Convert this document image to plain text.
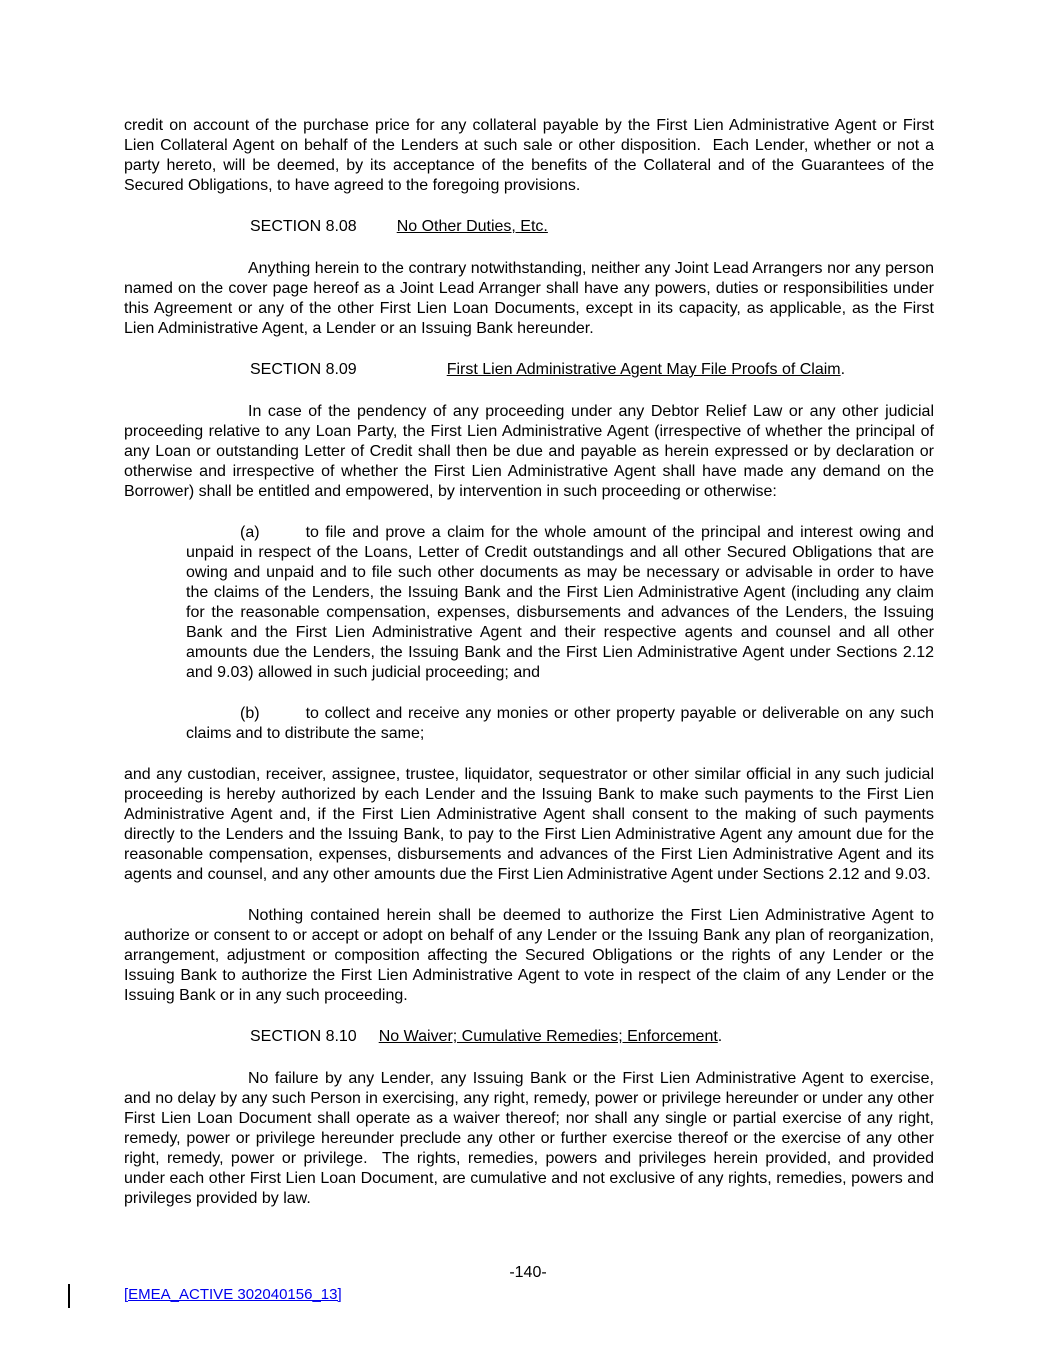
credit on account of the purchase price for any collateral payable by the First Lien Administrative Agent or First Lien Collateral Agent on behalf of the Lenders at such sale or other disposition.  Each Lender, whether or not a party hereto, will be deemed, by its acceptance of the benefits of the Collateral and of the Guarantees of the Secured Obligations, to have agreed to the foregoing provisions.

SECTION 8.08	No Other Duties, Etc.

Anything herein to the contrary notwithstanding, neither any Joint Lead Arrangers nor any person named on the cover page hereof as a Joint Lead Arranger shall have any powers, duties or responsibilities under this Agreement or any of the other First Lien Loan Documents, except in its capacity, as applicable, as the First Lien Administrative Agent, a Lender or an Issuing Bank hereunder.

SECTION 8.09	First Lien Administrative Agent May File Proofs of Claim.

In case of the pendency of any proceeding under any Debtor Relief Law or any other judicial proceeding relative to any Loan Party, the First Lien Administrative Agent (irrespective of whether the principal of any Loan or outstanding Letter of Credit shall then be due and payable as herein expressed or by declaration or otherwise and irrespective of whether the First Lien Administrative Agent shall have made any demand on the Borrower) shall be entitled and empowered, by intervention in such proceeding or otherwise:

(a)	to file and prove a claim for the whole amount of the principal and interest owing and unpaid in respect of the Loans, Letter of Credit outstandings and all other Secured Obligations that are owing and unpaid and to file such other documents as may be necessary or advisable in order to have the claims of the Lenders, the Issuing Bank and the First Lien Administrative Agent (including any claim for the reasonable compensation, expenses, disbursements and advances of the Lenders, the Issuing Bank and the First Lien Administrative Agent and their respective agents and counsel and all other amounts due the Lenders, the Issuing Bank and the First Lien Administrative Agent under Sections 2.12 and 9.03) allowed in such judicial proceeding; and

(b)	to collect and receive any monies or other property payable or deliverable on any such claims and to distribute the same;

and any custodian, receiver, assignee, trustee, liquidator, sequestrator or other similar official in any such judicial proceeding is hereby authorized by each Lender and the Issuing Bank to make such payments to the First Lien Administrative Agent and, if the First Lien Administrative Agent shall consent to the making of such payments directly to the Lenders and the Issuing Bank, to pay to the First Lien Administrative Agent any amount due for the reasonable compensation, expenses, disbursements and advances of the First Lien Administrative Agent and its agents and counsel, and any other amounts due the First Lien Administrative Agent under Sections 2.12 and 9.03.

Nothing contained herein shall be deemed to authorize the First Lien Administrative Agent to authorize or consent to or accept or adopt on behalf of any Lender or the Issuing Bank any plan of reorganization, arrangement, adjustment or composition affecting the Secured Obligations or the rights of any Lender or the Issuing Bank to authorize the First Lien Administrative Agent to vote in respect of the claim of any Lender or the Issuing Bank or in any such proceeding.

SECTION 8.10 No Waiver; Cumulative Remedies; Enforcement.

No failure by any Lender, any Issuing Bank or the First Lien Administrative Agent to exercise, and no delay by any such Person in exercising, any right, remedy, power or privilege hereunder or under any other First Lien Loan Document shall operate as a waiver thereof; nor shall any single or partial exercise of any right, remedy, power or privilege hereunder preclude any other or further exercise thereof or the exercise of any other right, remedy, power or privilege.  The rights, remedies, powers and privileges herein provided, and provided under each other First Lien Loan Document, are cumulative and not exclusive of any rights, remedies, powers and privileges provided by law.

-140-
[EMEA_ACTIVE 302040156_13]
